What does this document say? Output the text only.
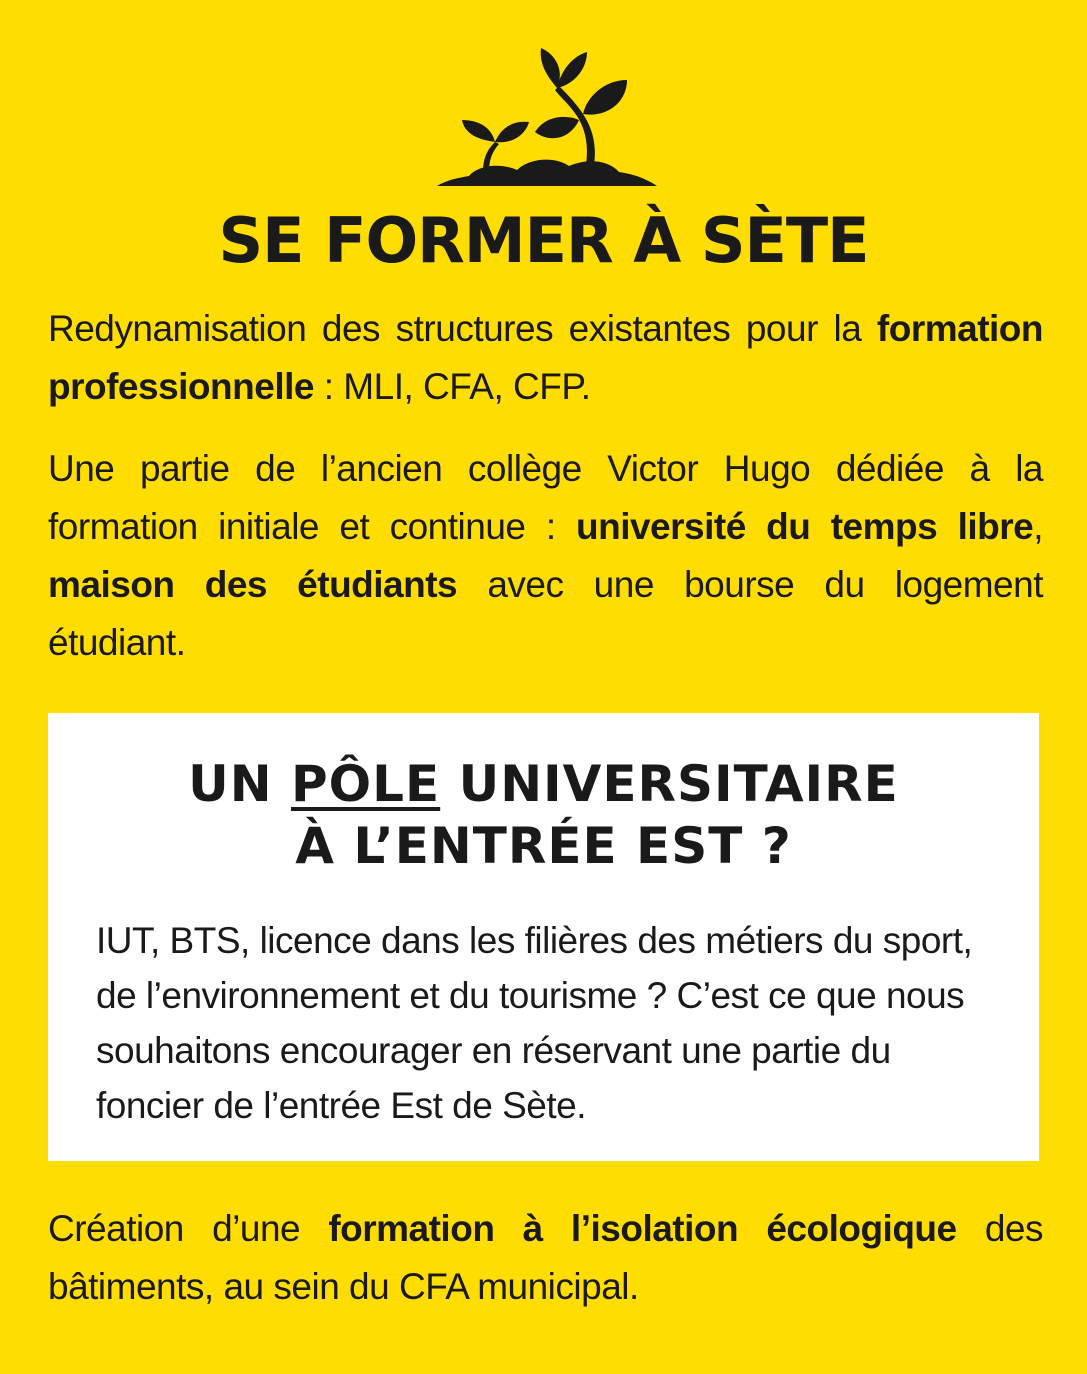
SE FORMER À SÈTE

Redynamisation des structures existantes pour la formation professionnelle : MLI, CFA, CFP.

Une partie de l’ancien collège Victor Hugo dédiée à la formation initiale et continue : université du temps libre, maison des étudiants avec une bourse du logement étudiant.

UN PÔLE UNIVERSITAIRE
À L’ENTRÉE EST ?

IUT, BTS, licence dans les filières des métiers du sport, de l’environnement et du tourisme ? C’est ce que nous souhaitons encourager en réservant une partie du foncier de l’entrée Est de Sète.

Création d’une formation à l’isolation écologique des bâtiments, au sein du CFA municipal.
